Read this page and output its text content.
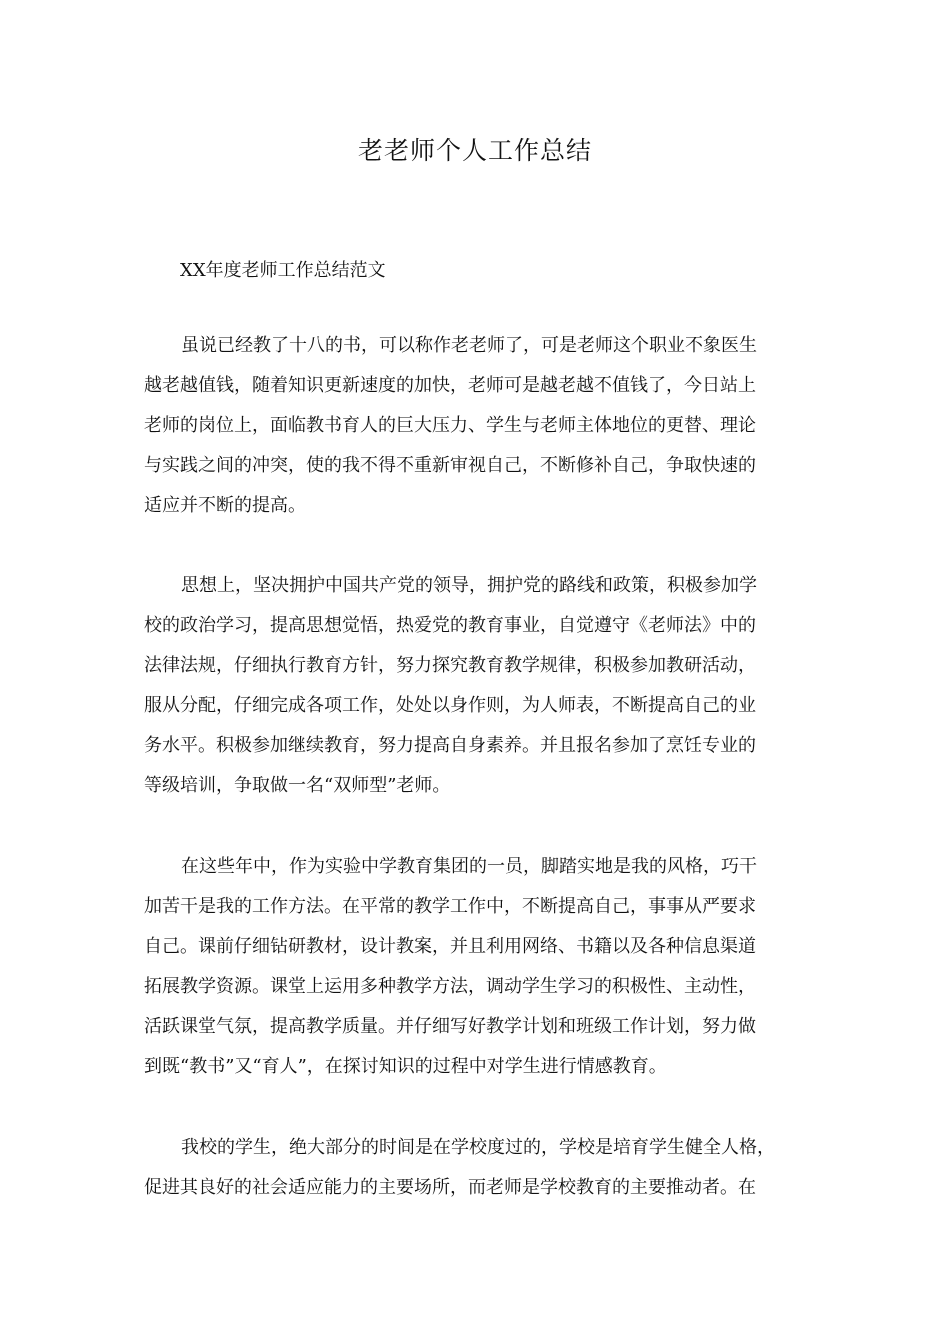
老老师个人工作总结

XX年度老师工作总结范文

虽说已经教了十八的书，可以称作老老师了，可是老师这个职业不象医生
越老越值钱，随着知识更新速度的加快，老师可是越老越不值钱了，今日站上
老师的岗位上，面临教书育人的巨大压力、学生与老师主体地位的更替、理论
与实践之间的冲突，使的我不得不重新审视自己，不断修补自己，争取快速的
适应并不断的提高。
思想上，坚决拥护中国共产党的领导，拥护党的路线和政策，积极参加学
校的政治学习，提高思想觉悟，热爱党的教育事业，自觉遵守《老师法》中的
法律法规，仔细执行教育方针，努力探究教育教学规律，积极参加教研活动，
服从分配，仔细完成各项工作，处处以身作则，为人师表，不断提高自己的业
务水平。积极参加继续教育，努力提高自身素养。并且报名参加了烹饪专业的
等级培训，争取做一名“双师型”老师。
在这些年中，作为实验中学教育集团的一员，脚踏实地是我的风格，巧干
加苦干是我的工作方法。在平常的教学工作中，不断提高自己，事事从严要求
自己。课前仔细钻研教材，设计教案，并且利用网络、书籍以及各种信息渠道
拓展教学资源。课堂上运用多种教学方法，调动学生学习的积极性、主动性，
活跃课堂气氛，提高教学质量。并仔细写好教学计划和班级工作计划，努力做
到既“教书”又“育人”，在探讨知识的过程中对学生进行情感教育。
我校的学生，绝大部分的时间是在学校度过的，学校是培育学生健全人格，
促进其良好的社会适应能力的主要场所，而老师是学校教育的主要推动者。在
